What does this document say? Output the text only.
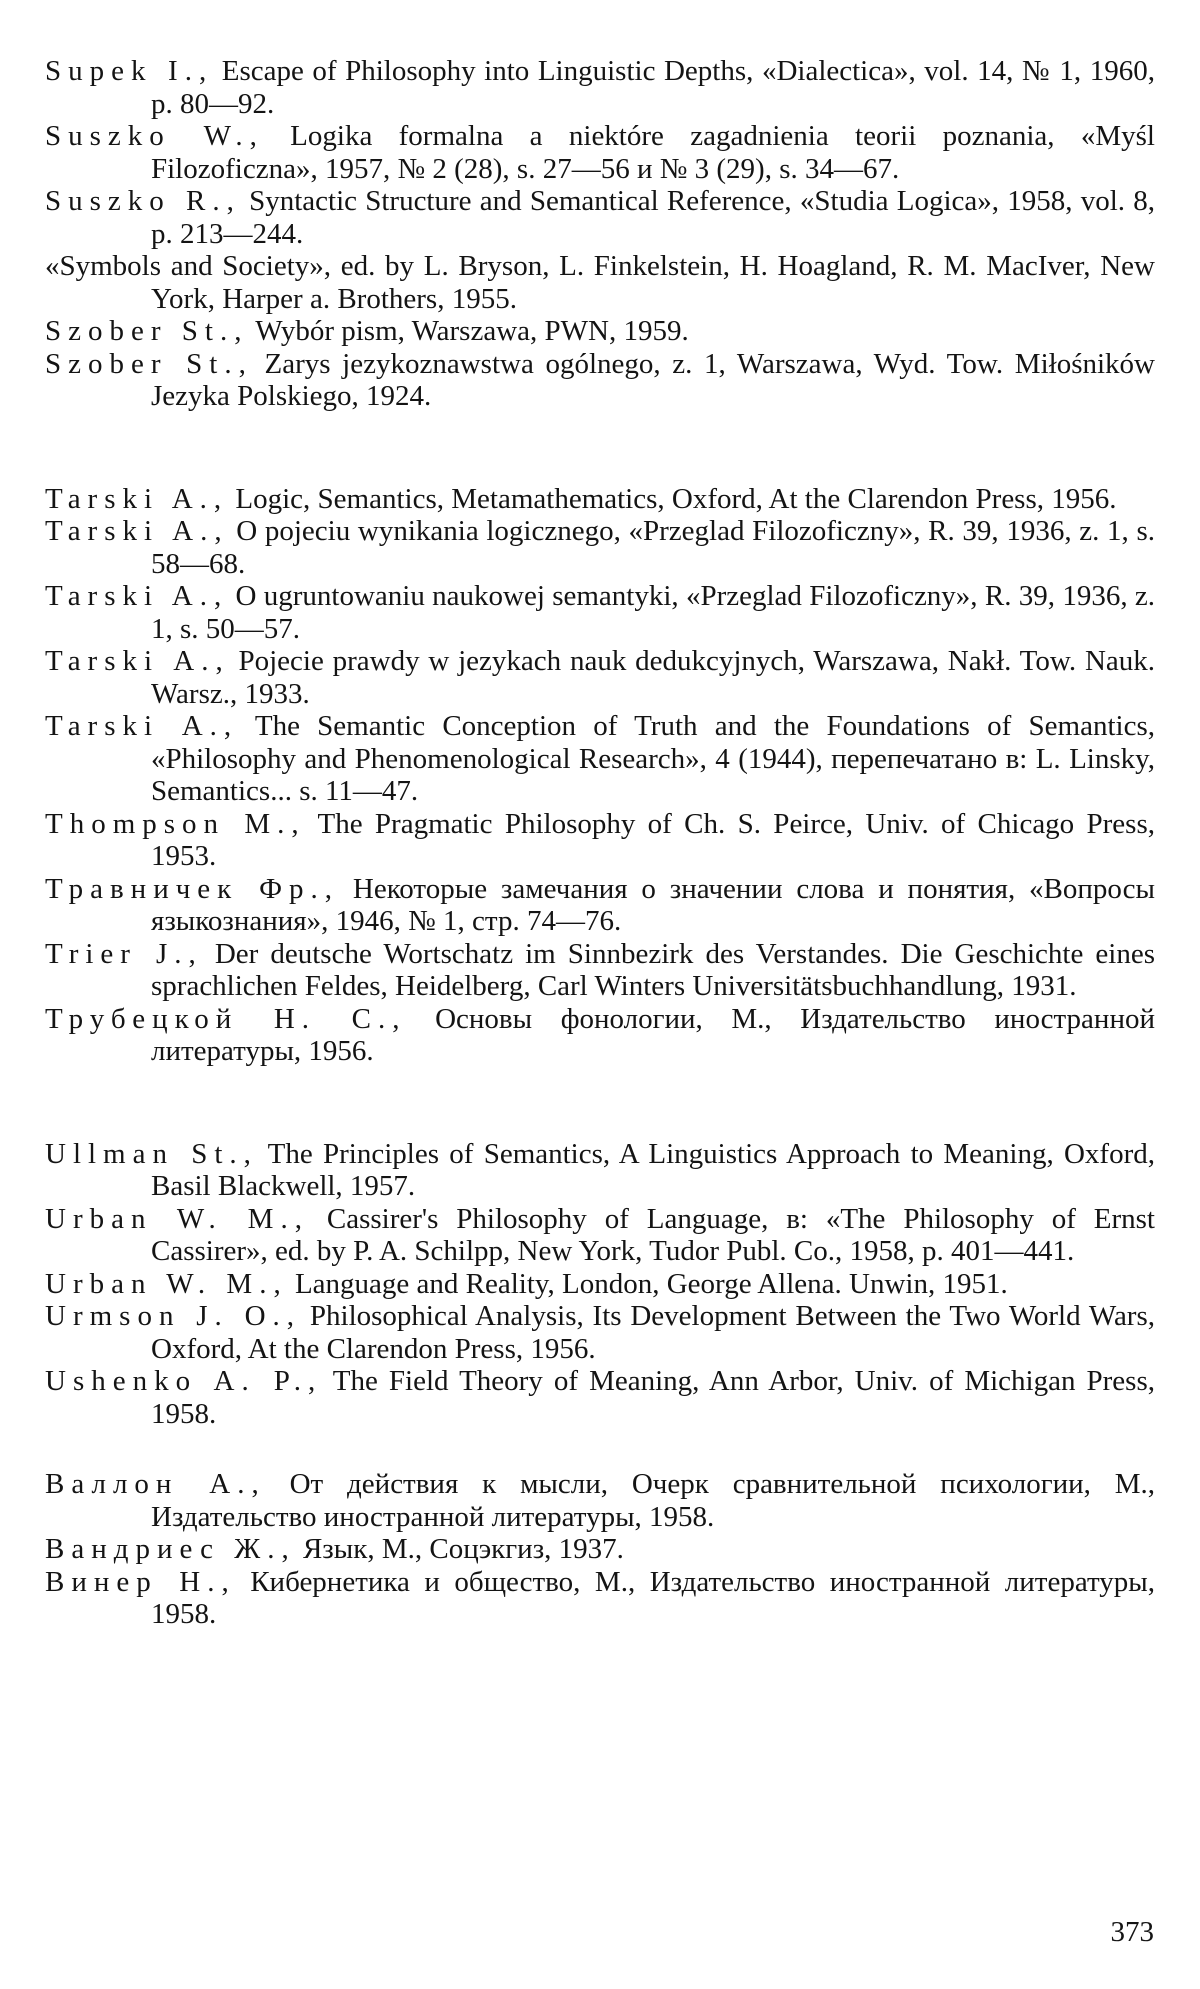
Supek I., Escape of Philosophy into Linguistic Depths, «Dialectica», vol. 14, № 1, 1960, p. 80—92.

Suszko W., Logika formalna a niektóre zagadnienia teorii poznania, «Myśl Filozoficzna», 1957, № 2 (28), s. 27—56 и № 3 (29), s. 34—67.

Suszko R., Syntactic Structure and Semantical Reference, «Studia Logica», 1958, vol. 8, p. 213—244.

«Symbols and Society», ed. by L. Bryson, L. Finkelstein, H. Hoagland, R. M. MacIver, New York, Harper a. Brothers, 1955.

Szober St., Wybór pism, Warszawa, PWN, 1959.

Szober St., Zarys jezykoznawstwa ogólnego, z. 1, Warszawa, Wyd. Tow. Miłośników Jezyka Polskiego, 1924.

Tarski A., Logic, Semantics, Metamathematics, Oxford, At the Clarendon Press, 1956.

Tarski A., O pojeciu wynikania logicznego, «Przeglad Filozoficzny», R. 39, 1936, z. 1, s. 58—68.

Tarski A., O ugruntowaniu naukowej semantyki, «Przeglad Filozoficzny», R. 39, 1936, z. 1, s. 50—57.

Tarski A., Pojecie prawdy w jezykach nauk dedukcyjnych, Warszawa, Nakł. Tow. Nauk. Warsz., 1933.

Tarski A., The Semantic Conception of Truth and the Foundations of Semantics, «Philosophy and Phenomenological Research», 4 (1944), перепечатано в: L. Linsky, Semantics... s. 11—47.

Thompson M., The Pragmatic Philosophy of Ch. S. Peirce, Univ. of Chicago Press, 1953.

Травничек Фр., Некоторые замечания о значении слова и понятия, «Вопросы языкознания», 1946, № 1, стр. 74—76.

Trier J., Der deutsche Wortschatz im Sinnbezirk des Verstandes. Die Geschichte eines sprachlichen Feldes, Heidelberg, Carl Winters Universitätsbuchhandlung, 1931.

Трубецкой Н. С., Основы фонологии, М., Издательство иностранной литературы, 1956.

Ullman St., The Principles of Semantics, A Linguistics Approach to Meaning, Oxford, Basil Blackwell, 1957.

Urban W. M., Cassirer's Philosophy of Language, в: «The Philosophy of Ernst Cassirer», ed. by P. A. Schilpp, New York, Tudor Publ. Co., 1958, p. 401—441.

Urban W. M., Language and Reality, London, George Allena. Unwin, 1951.

Urmson J. O., Philosophical Analysis, Its Development Between the Two World Wars, Oxford, At the Clarendon Press, 1956.

Ushenko A. P., The Field Theory of Meaning, Ann Arbor, Univ. of Michigan Press, 1958.

Валлон А., От действия к мысли, Очерк сравнительной психологии, М., Издательство иностранной литературы, 1958.

Вандриес Ж., Язык, М., Соцэкгиз, 1937.

Винер Н., Кибернетика и общество, М., Издательство иностранной литературы, 1958.

373
